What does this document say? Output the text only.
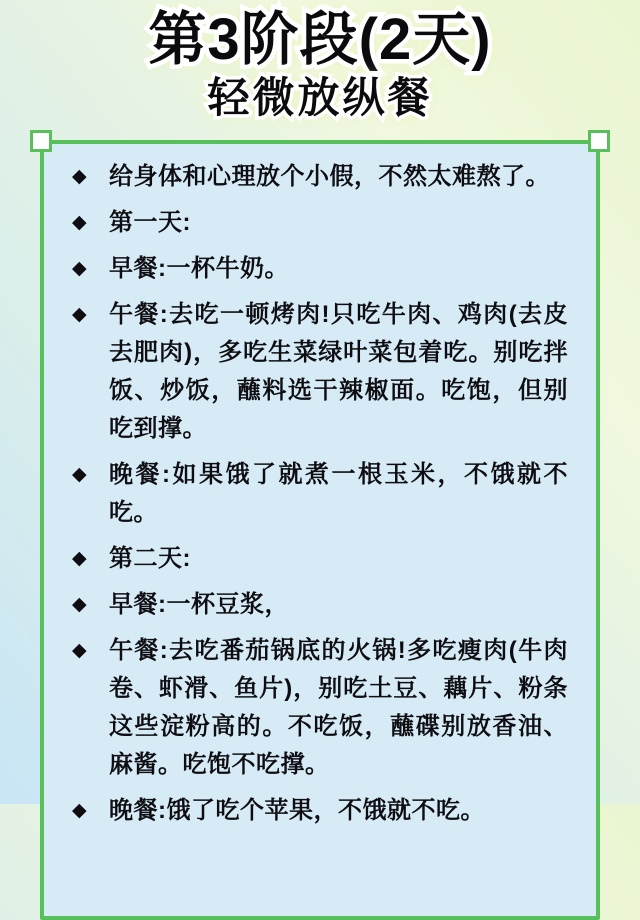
第3阶段(2天) 第3阶段(2天)
轻微放纵餐 轻微放纵餐
◆ 给身体和心理放个小假，不然太难熬了。
◆ 第一天:
◆ 早餐:一杯牛奶。
◆ 午餐:去吃一顿烤肉!只吃牛肉、鸡肉(去皮去肥肉)，多吃生菜绿叶菜包着吃。别吃拌饭、炒饭，蘸料选干辣椒面。吃饱，但别吃到撑。
◆ 晚餐:如果饿了就煮一根玉米，不饿就不吃。
◆ 第二天:
◆ 早餐:一杯豆浆，
◆ 午餐:去吃番茄锅底的火锅!多吃瘦肉(牛肉卷、虾滑、鱼片)，别吃土豆、藕片、粉条这些淀粉高的。不吃饭，蘸碟别放香油、麻酱。吃饱不吃撑。
◆ 晚餐:饿了吃个苹果，不饿就不吃。
